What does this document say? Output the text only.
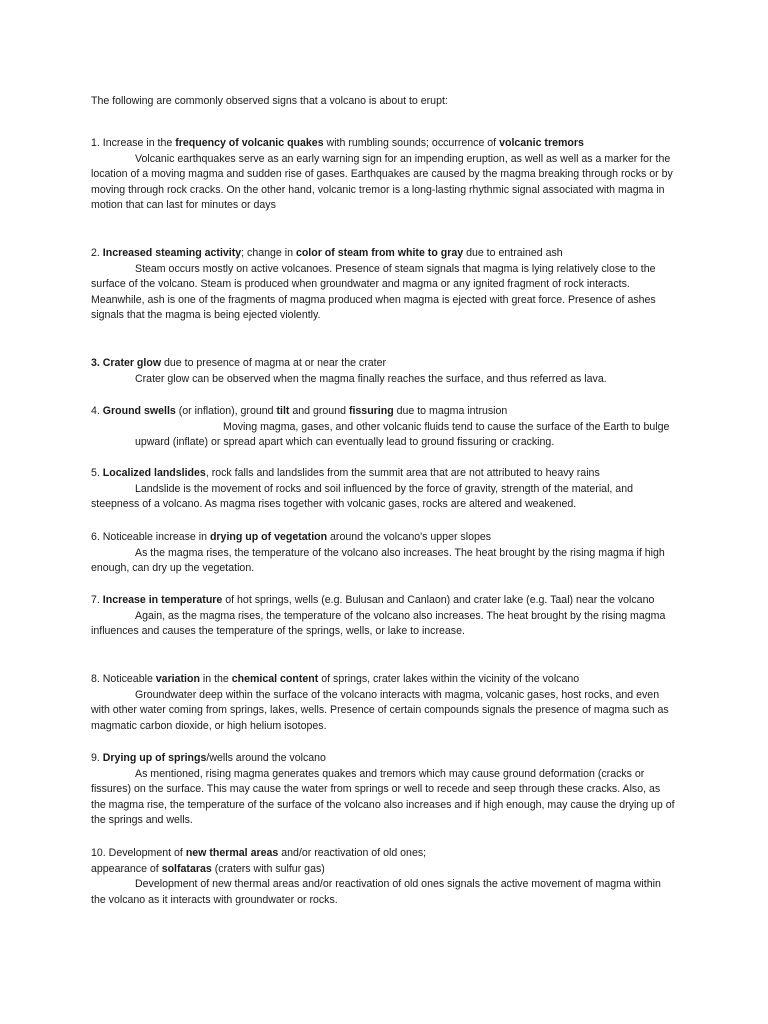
The following are commonly observed signs that a volcano is about to erupt:

1. Increase in the frequency of volcanic quakes with rumbling sounds; occurrence of volcanic tremors

Volcanic earthquakes serve as an early warning sign for an impending eruption, as well as well as a marker for the location of a moving magma and sudden rise of gases. Earthquakes are caused by the magma breaking through rocks or by moving through rock cracks. On the other hand, volcanic tremor is a long-lasting rhythmic signal associated with magma in motion that can last for minutes or days

2. Increased steaming activity; change in color of steam from white to gray due to entrained ash

Steam occurs mostly on active volcanoes. Presence of steam signals that magma is lying relatively close to the surface of the volcano. Steam is produced when groundwater and magma or any ignited fragment of rock interacts. Meanwhile, ash is one of the fragments of magma produced when magma is ejected with great force. Presence of ashes signals that the magma is being ejected violently.

3. Crater glow due to presence of magma at or near the crater

Crater glow can be observed when the magma finally reaches the surface, and thus referred as lava.

4. Ground swells (or inflation), ground tilt and ground fissuring due to magma intrusion

Moving magma, gases, and other volcanic fluids tend to cause the surface of the Earth to bulge upward (inflate) or spread apart which can eventually lead to ground fissuring or cracking.

5. Localized landslides, rock falls and landslides from the summit area that are not attributed to heavy rains

Landslide is the movement of rocks and soil influenced by the force of gravity, strength of the material, and steepness of a volcano. As magma rises together with volcanic gases, rocks are altered and weakened.

6. Noticeable increase in drying up of vegetation around the volcano's upper slopes

As the magma rises, the temperature of the volcano also increases. The heat brought by the rising magma if high enough, can dry up the vegetation.

7. Increase in temperature of hot springs, wells (e.g. Bulusan and Canlaon) and crater lake (e.g. Taal) near the volcano

Again, as the magma rises, the temperature of the volcano also increases. The heat brought by the rising magma influences and causes the temperature of the springs, wells, or lake to increase.

8. Noticeable variation in the chemical content of springs, crater lakes within the vicinity of the volcano

Groundwater deep within the surface of the volcano interacts with magma, volcanic gases, host rocks, and even with other water coming from springs, lakes, wells. Presence of certain compounds signals the presence of magma such as magmatic carbon dioxide, or high helium isotopes.

9. Drying up of springs/wells around the volcano

As mentioned, rising magma generates quakes and tremors which may cause ground deformation (cracks or fissures) on the surface. This may cause the water from springs or well to recede and seep through these cracks. Also, as the magma rise, the temperature of the surface of the volcano also increases and if high enough, may cause the drying up of the springs and wells.

10. Development of new thermal areas and/or reactivation of old ones;

appearance of solfataras (craters with sulfur gas)

Development of new thermal areas and/or reactivation of old ones signals the active movement of magma within the volcano as it interacts with groundwater or rocks.
